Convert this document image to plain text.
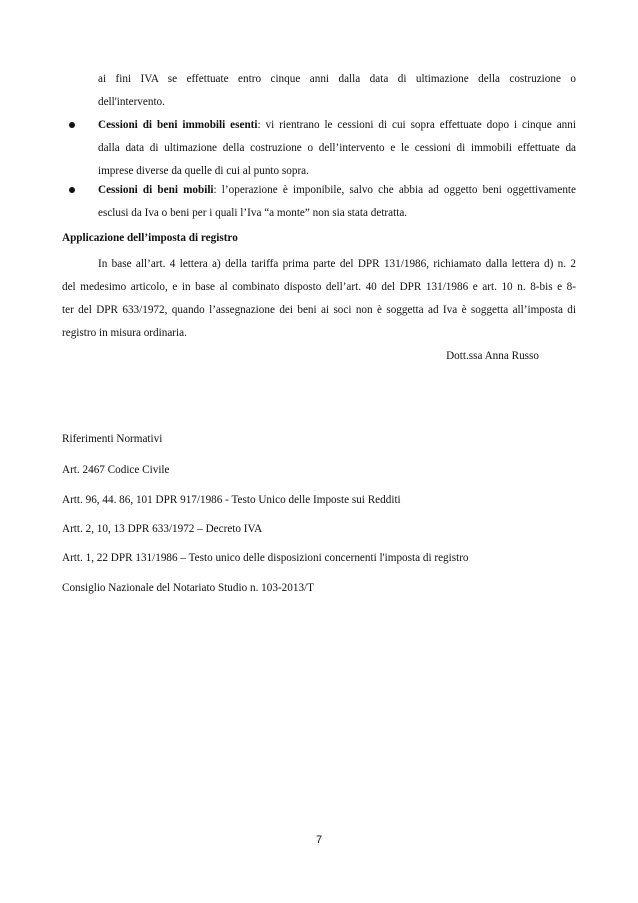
ai fini IVA se effettuate entro cinque anni dalla data di ultimazione della costruzione o
dell'intervento.
Cessioni di beni immobili esenti: vi rientrano le cessioni di cui sopra effettuate dopo i cinque anni
dalla data di ultimazione della costruzione o dell’intervento e le cessioni di immobili effettuate da
imprese diverse da quelle di cui al punto sopra.
Cessioni di beni mobili: l’operazione è imponibile, salvo che abbia ad oggetto beni oggettivamente
esclusi da Iva o beni per i quali l’Iva “a monte” non sia stata detratta.
Applicazione dell’imposta di registro
In base all’art. 4 lettera a) della tariffa prima parte del DPR 131/1986, richiamato dalla lettera d) n. 2
del medesimo articolo, e in base al combinato disposto dell’art. 40 del DPR 131/1986 e art. 10 n. 8-bis e 8-
ter del DPR 633/1972, quando l’assegnazione dei beni ai soci non è soggetta ad Iva è soggetta all’imposta di
registro in misura ordinaria.
Dott.ssa Anna Russo
Riferimenti Normativi
Art. 2467 Codice Civile
Artt. 96, 44. 86, 101 DPR 917/1986 - Testo Unico delle Imposte sui Redditi
Artt. 2, 10, 13 DPR 633/1972 – Decreto IVA
Artt. 1, 22 DPR 131/1986 – Testo unico delle disposizioni concernenti l'imposta di registro
Consiglio Nazionale del Notariato Studio n. 103-2013/T
7
